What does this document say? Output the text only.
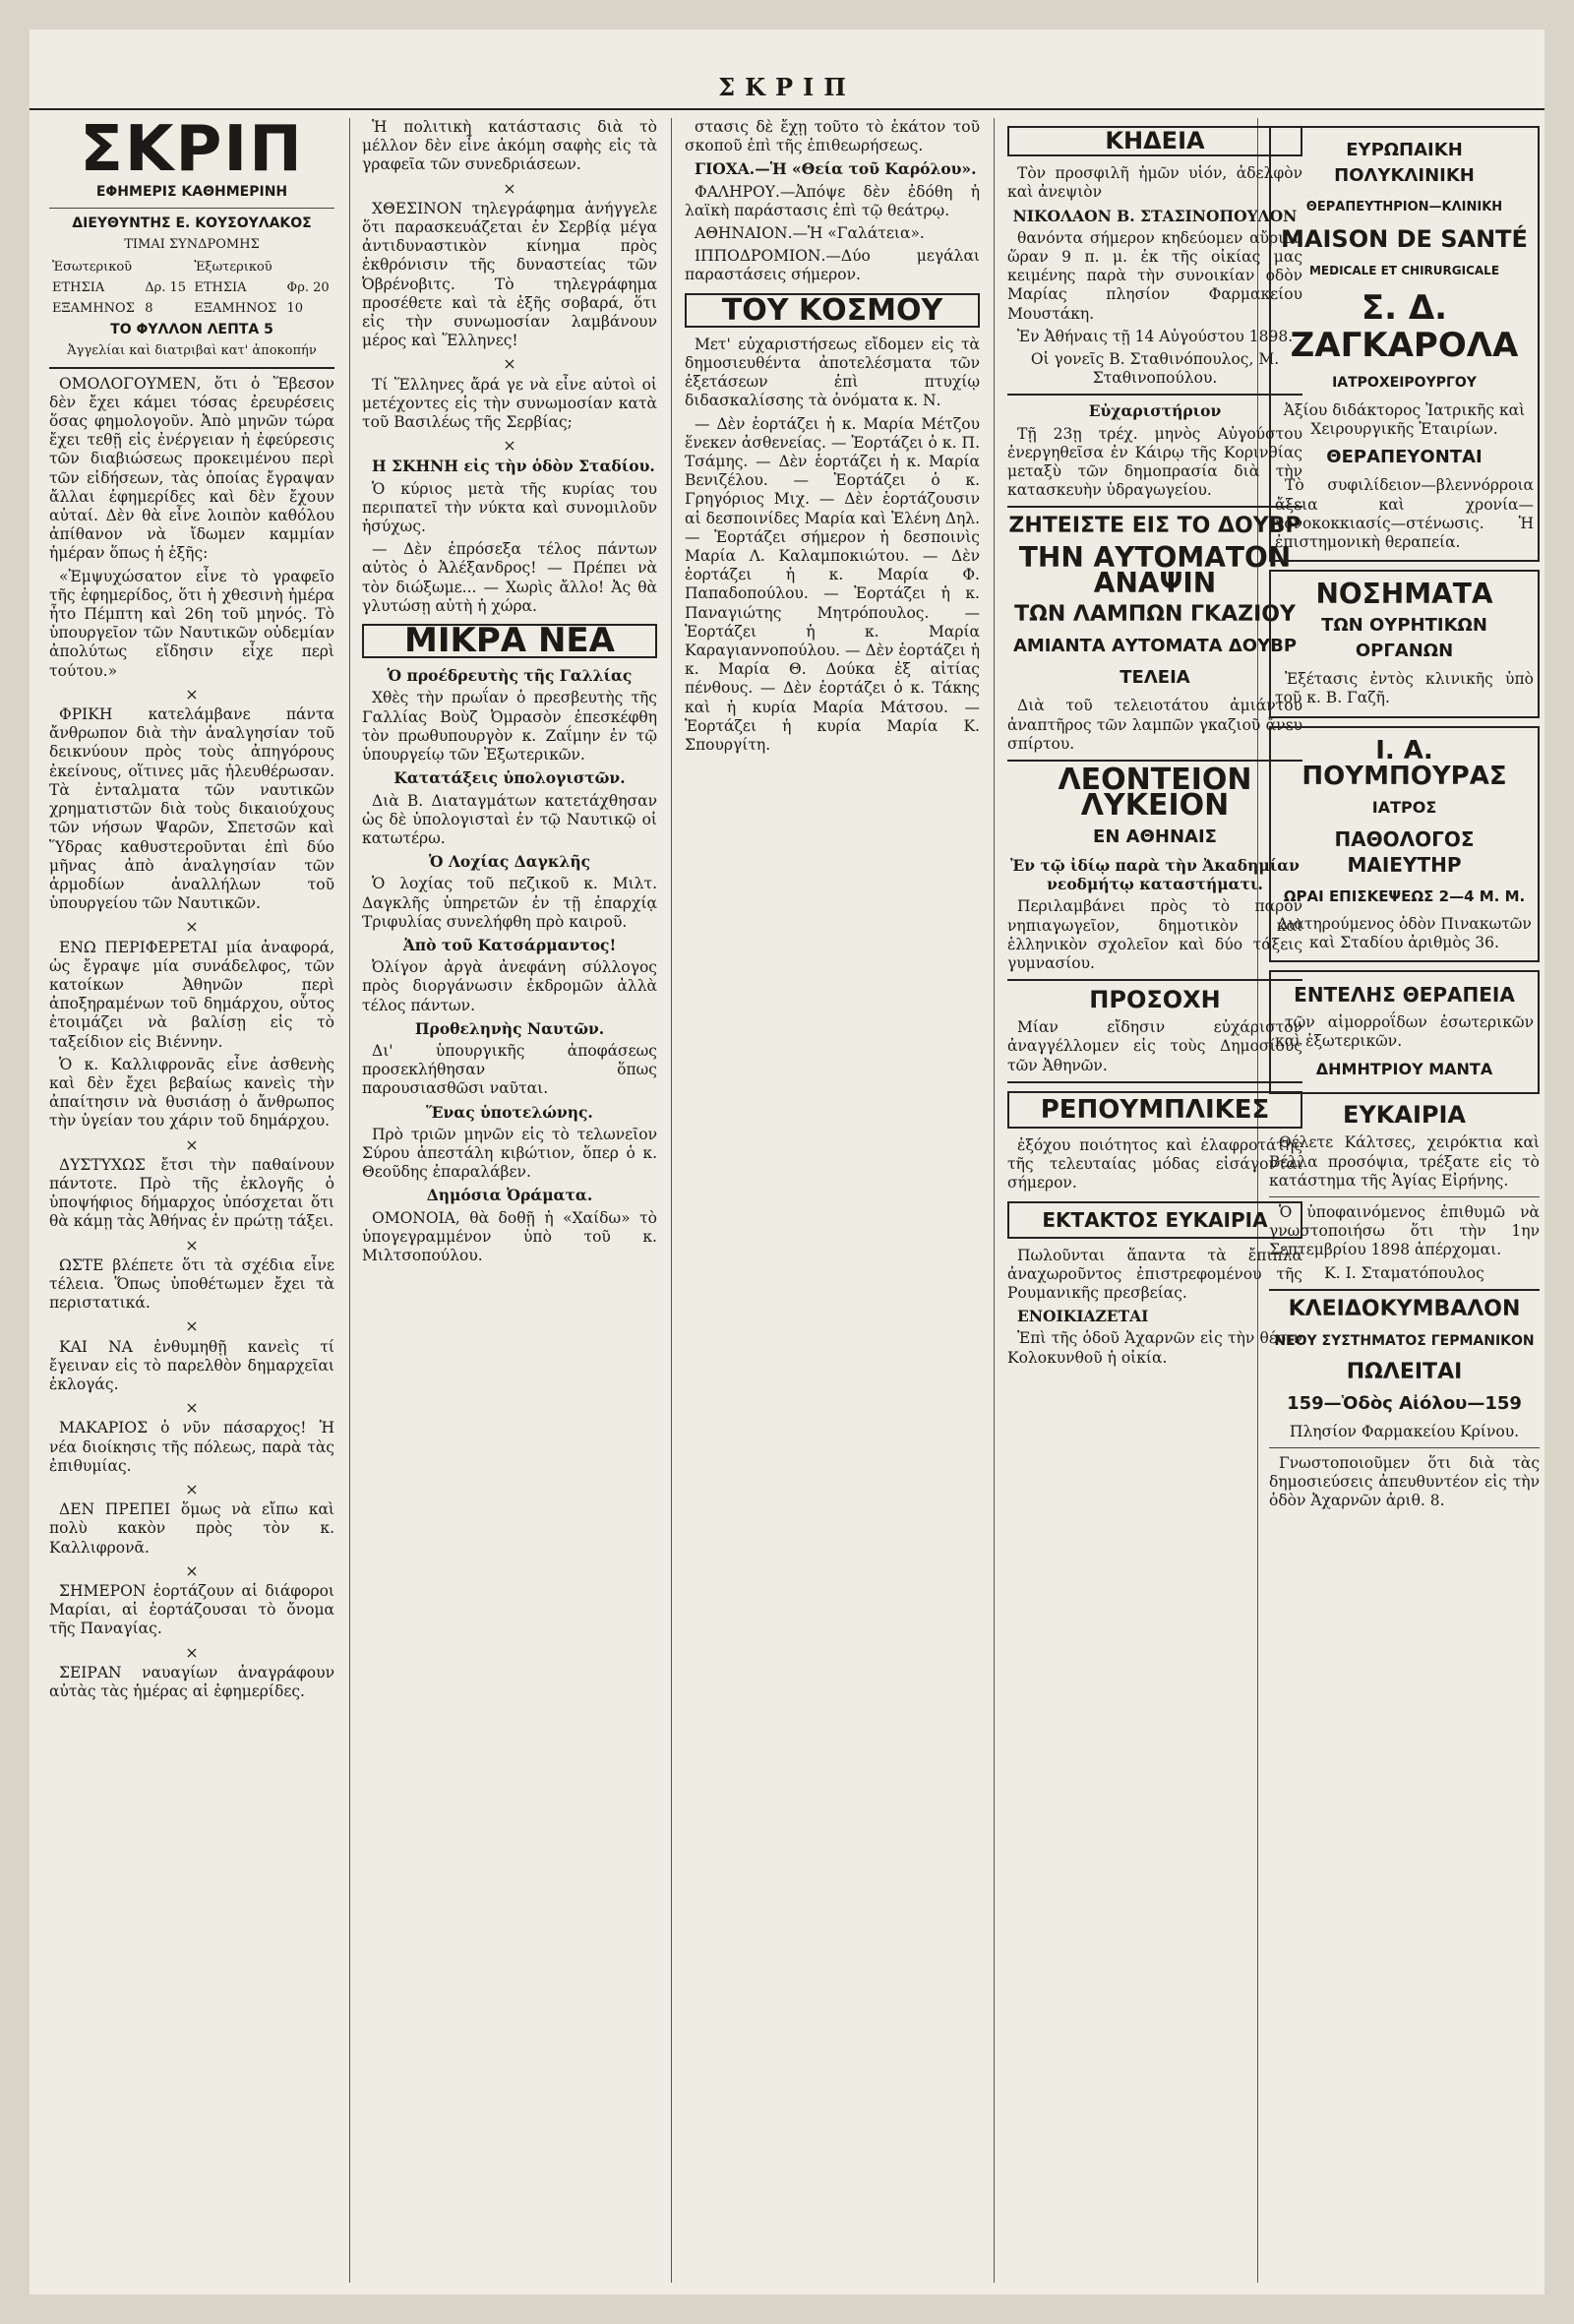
ΣΚΡΙΠ
ΣΚΡΙΠ
ΕΦΗΜΕΡΙΣ ΚΑΘΗΜΕΡΙΝΗ
ΔΙΕΥΘΥΝΤΗΣ Ε. ΚΟΥΣΟΥΛΑΚΟΣ
ΤΙΜΑΙ ΣΥΝΔΡΟΜΗΣ
Ἐσωτερικοῦ		Ἐξωτερικοῦ	
ΕΤΗΣΙΑ	Δρ. 15	ΕΤΗΣΙΑ	Φρ. 20
ΕΞΑΜΗΝΟΣ	8	ΕΞΑΜΗΝΟΣ	10
ΤΟ ΦΥΛΛΟΝ ΛΕΠΤΑ 5
Ἀγγελίαι καὶ διατριβαὶ κατ' ἀποκοπήν

ΟΜΟΛΟΓΟΥΜΕΝ, ὅτι ὁ Ἕβεσον δὲν ἔχει κάμει τόσας ἐρευρέσεις ὅσας φημολογοῦν. Ἀπὸ μηνῶν τώρα ἔχει τεθῇ εἰς ἐνέργειαν ἡ ἐφεύρεσις τῶν διαβιώσεως προκειμένου περὶ τῶν εἰδήσεων, τὰς ὁποίας ἔγραψαν ἄλλαι ἐφημερίδες καὶ δὲν ἔχουν αὐταί. Δὲν θὰ εἶνε λοιπὸν καθόλου ἀπίθανον νὰ ἴδωμεν καμμίαν ἡμέραν ὅπως ἡ ἑξῆς:

«Ἐμψυχώσατον εἶνε τὸ γραφεῖο τῆς ἐφημερίδος, ὅτι ἡ χθεσινὴ ἡμέρα ἦτο Πέμπτη καὶ 26η τοῦ μηνός. Τὸ ὑπουργεῖον τῶν Ναυτικῶν οὐδεμίαν ἀπολύτως εἴδησιν εἶχε περὶ τούτου.»

×

ΦΡΙΚΗ κατελάμβανε πάντα ἄνθρωπον διὰ τὴν ἀναλγησίαν τοῦ δεικνύουν πρὸς τοὺς ἀπηγόρους ἐκείνους, οἵτινες μᾶς ἠλευθέρωσαν. Τὰ ἐνταλματα τῶν ναυτικῶν χρηματιστῶν διὰ τοὺς δικαιούχους τῶν νήσων Ψαρῶν, Σπετσῶν καὶ Ὕδρας καθυστεροῦνται ἐπὶ δύο μῆνας ἀπὸ ἀναλγησίαν τῶν ἀρμοδίων ἀναλλήλων τοῦ ὑπουργείου τῶν Ναυτικῶν.

×

ΕΝΩ ΠΕΡΙΦΕΡΕΤΑΙ μία ἀναφορά, ὡς ἔγραψε μία συνάδελφος, τῶν κατοίκων Ἀθηνῶν περὶ ἀποξηραμένων τοῦ δημάρχου, οὗτος ἑτοιμάζει νὰ βαλίσῃ εἰς τὸ ταξείδιον εἰς Βιέννην.

Ὁ κ. Καλλιφρονᾶς εἶνε ἀσθενὴς καὶ δὲν ἔχει βεβαίως κανεὶς τὴν ἀπαίτησιν νὰ θυσιάσῃ ὁ ἄνθρωπος τὴν ὑγείαν του χάριν τοῦ δημάρχου.

×

ΔΥΣΤΥΧΩΣ ἔτσι τὴν παθαίνουν πάντοτε. Πρὸ τῆς ἐκλογῆς ὁ ὑποψήφιος δήμαρχος ὑπόσχεται ὅτι θὰ κάμῃ τὰς Ἀθήνας ἐν πρώτῃ τάξει.

×

ΩΣΤΕ βλέπετε ὅτι τὰ σχέδια εἶνε τέλεια. Ὅπως ὑποθέτωμεν ἔχει τὰ περιστατικά.

×

ΚΑΙ ΝΑ ἐνθυμηθῇ κανεὶς τί ἔγειναν εἰς τὸ παρελθὸν δημαρχεῖαι ἐκλογάς.

×

ΜΑΚΑΡΙΟΣ ὁ νῦν πάσαρχος! Ἡ νέα διοίκησις τῆς πόλεως, παρὰ τὰς ἐπιθυμίας.

×

ΔΕΝ ΠΡΕΠΕΙ ὅμως νὰ εἴπω καὶ πολὺ κακὸν πρὸς τὸν κ. Καλλιφρονᾶ.

×

ΣΗΜΕΡΟΝ ἑορτάζουν αἱ διάφοροι Μαρίαι, αἱ ἑορτάζουσαι τὸ ὄνομα τῆς Παναγίας.

×

ΣΕΙΡΑΝ ναυαγίων ἀναγράφουν αὐτὰς τὰς ἡμέρας αἱ ἐφημερίδες.

Ἡ πολιτικὴ κατάστασις διὰ τὸ μέλλον δὲν εἶνε ἀκόμη σαφὴς εἰς τὰ γραφεῖα τῶν συνεδριάσεων.

×

ΧΘΕΣΙΝΟΝ τηλεγράφημα ἀνήγγελε ὅτι παρασκευάζεται ἐν Σερβίᾳ μέγα ἀντιδυναστικὸν κίνημα πρὸς ἐκθρόνισιν τῆς δυναστείας τῶν Ὀβρένοβιτς. Τὸ τηλεγράφημα προσέθετε καὶ τὰ ἑξῆς σοβαρά, ὅτι εἰς τὴν συνωμοσίαν λαμβάνουν μέρος καὶ Ἕλληνες!

×

Τί Ἕλληνες ἄρά γε νὰ εἶνε αὐτοὶ οἱ μετέχοντες εἰς τὴν συνωμοσίαν κατὰ τοῦ Βασιλέως τῆς Σερβίας;

×

Η ΣΚΗΝΗ εἰς τὴν ὁδὸν Σταδίου.

Ὁ κύριος μετὰ τῆς κυρίας του περιπατεῖ τὴν νύκτα καὶ συνομιλοῦν ἡσύχως.

— Δὲν ἐπρόσεξα τέλος πάντων αὐτὸς ὁ Ἀλέξανδρος! — Πρέπει νὰ τὸν διώξωμε... — Χωρὶς ἄλλο! Ἀς θὰ γλυτώσῃ αὐτὴ ἡ χώρα.

ΜΙΚΡΑ ΝΕΑ

Ὁ προέδρευτὴς τῆς Γαλλίας

Χθὲς τὴν πρωΐαν ὁ πρεσβευτὴς τῆς Γαλλίας Βοὺζ Ὀμρασὸν ἐπεσκέφθη τὸν πρωθυπουργὸν κ. Ζαΐμην ἐν τῷ ὑπουργείῳ τῶν Ἐξωτερικῶν.

Κατατάξεις ὑπολογιστῶν.

Διὰ Β. Διαταγμάτων κατετάχθησαν ὡς δὲ ὑπολογισταὶ ἐν τῷ Ναυτικῷ οἱ κατωτέρω.

Ὁ Λοχίας Δαγκλῆς

Ὁ λοχίας τοῦ πεζικοῦ κ. Μιλτ. Δαγκλῆς ὑπηρετῶν ἐν τῇ ἐπαρχίᾳ Τριφυλίας συνελήφθη πρὸ καιροῦ.

Ἀπὸ τοῦ Κατσάρμαντος!

Ὀλίγον ἀργὰ ἀνεφάνη σύλλογος πρὸς διοργάνωσιν ἐκδρομῶν ἀλλὰ τέλος πάντων.

Προθεληνὴς Ναυτῶν.

Δι' ὑπουργικῆς ἀποφάσεως προσεκλήθησαν ὅπως παρουσιασθῶσι ναῦται.

Ἕνας ὑποτελώνης.

Πρὸ τριῶν μηνῶν εἰς τὸ τελωνεῖον Σύρου ἀπεστάλη κιβώτιον, ὅπερ ὁ κ. Θεοῦδης ἐπαραλάβεν.

Δημόσια Ὀράματα.

ΟΜΟΝΟΙΑ, θὰ δοθῇ ἡ «Χαίδω» τὸ ὑπογεγραμμένον ὑπὸ τοῦ κ. Μιλτσοπούλου.

στασις δὲ ἔχῃ τοῦτο τὸ ἑκάτον τοῦ σκοποῦ ἐπὶ τῆς ἐπιθεωρήσεως.

ΓΙΟΧΑ.—Ἡ «Θεία τοῦ Καρόλου».

ΦΑΛΗΡΟΥ.—Ἀπόψε δὲν ἐδόθη ἡ λαϊκὴ παράστασις ἐπὶ τῷ θεάτρῳ.

ΑΘΗΝΑΙΟΝ.—Ἡ «Γαλάτεια».

ΙΠΠΟΔΡΟΜΙΟΝ.—Δύο μεγάλαι παραστάσεις σήμερον.

ΤΟΥ ΚΟΣΜΟΥ

Μετ' εὐχαριστήσεως εἴδομεν εἰς τὰ δημοσιευθέντα ἀποτελέσματα τῶν ἐξετάσεων ἐπὶ πτυχίῳ διδασκαλίσσης τὰ ὀνόματα κ. Ν.

— Δὲν ἑορτάζει ἡ κ. Μαρία Μέτζου ἕνεκεν ἀσθενείας. — Ἑορτάζει ὁ κ. Π. Τσάμης. — Δὲν ἑορτάζει ἡ κ. Μαρία Βενιζέλου. — Ἑορτάζει ὁ κ. Γρηγόριος Μιχ. — Δὲν ἑορτάζουσιν αἱ δεσποινίδες Μαρία καὶ Ἑλένη Δηλ. — Ἑορτάζει σήμερον ἡ δεσποινὶς Μαρία Λ. Καλαμποκιώτου. — Δὲν ἑορτάζει ἡ κ. Μαρία Φ. Παπαδοπούλου. — Ἑορτάζει ἡ κ. Παναγιώτης Μητρόπουλος. — Ἑορτάζει ἡ κ. Μαρία Καραγιαννοπούλου. — Δὲν ἑορτάζει ἡ κ. Μαρία Θ. Δούκα ἐξ αἰτίας πένθους. — Δὲν ἑορτάζει ὁ κ. Τάκης καὶ ἡ κυρία Μαρία Μάτσου. — Ἑορτάζει ἡ κυρία Μαρία Κ. Σπουργίτη.

ΚΗΔΕΙΑ

Τὸν προσφιλῆ ἡμῶν υἱόν, ἀδελφὸν καὶ ἀνεψιὸν

ΝΙΚΟΛΑΟΝ Β. ΣΤΑΣΙΝΟΠΟΥΛΟΝ

θανόντα σήμερον κηδεύομεν αὔριον ὥραν 9 π. μ. ἐκ τῆς οἰκίας μας κειμένης παρὰ τὴν συνοικίαν ὁδὸν Μαρίας πλησίον Φαρμακείου Μουστάκη.

Ἐν Ἀθήναις τῇ 14 Αὐγούστου 1898.

Οἱ γονεῖς Β. Σταθινόπουλος, Μ. Σταθινοπούλου.

Εὐχαριστήριον

Τῇ 23ῃ τρέχ. μηνὸς Αὐγούστου ἐνεργηθεῖσα ἐν Κάιρῳ τῆς Κορινθίας μεταξὺ τῶν δημοπρασία διὰ τὴν κατασκευὴν ὑδραγωγείου.

ΖΗΤΕΙΣΤΕ ΕΙΣ ΤΟ ΔΟΥΒΡ
ΤΗΝ ΑΥΤΟΜΑΤΟΝ ΑΝΑΨΙΝ
ΤΩΝ ΛΑΜΠΩΝ ΓΚΑΖΙΟΥ
ΑΜΙΑΝΤΑ ΑΥΤΟΜΑΤΑ ΔΟΥΒΡ
ΤΕΛΕΙΑ

Διὰ τοῦ τελειοτάτου ἀμιάντου ἀναπτῆρος τῶν λαμπῶν γκαζιοῦ ἄνευ σπίρτου.

ΛΕΟΝΤΕΙΟΝ ΛΥΚΕΙΟΝ
ΕΝ ΑΘΗΝΑΙΣ

Ἐν τῷ ἰδίῳ παρὰ τὴν Ἀκαδημίαν νεοδμήτῳ καταστήματι.

Περιλαμβάνει πρὸς τὸ παρὸν νηπιαγωγεῖον, δημοτικὸν καὶ ἑλληνικὸν σχολεῖον καὶ δύο τάξεις γυμνασίου.

ΠΡΟΣΟΧΗ

Μίαν εἴδησιν εὐχάριστον ἀναγγέλλομεν εἰς τοὺς Δημοσίους τῶν Ἀθηνῶν.

ΡΕΠΟΥΜΠΛΙΚΕΣ

ἐξόχου ποιότητος καὶ ἐλαφροτάτης τῆς τελευταίας μόδας εἰσάγονται σήμερον.

ΕΚΤΑΚΤΟΣ ΕΥΚΑΙΡΙΑ

Πωλοῦνται ἅπαντα τὰ ἔπιπλα ἀναχωροῦντος ἐπιστρεφομένου τῆς Ρουμανικῆς πρεσβείας.

ΕΝΟΙΚΙΑΖΕΤΑΙ

Ἐπὶ τῆς ὁδοῦ Ἀχαρνῶν εἰς τὴν θέσιν Κολοκυνθοῦ ἡ οἰκία.

ΕΥΡΩΠΑΙΚΗ ΠΟΛΥΚΛΙΝΙΚΗ
ΘΕΡΑΠΕΥΤΗΡΙΟΝ—ΚΛΙΝΙΚΗ
MAISON DE SANTÉ
MEDICALE ET CHIRURGICALE
Σ. Δ. ΖΑΓΚΑΡΟΛΑ
ΙΑΤΡΟΧΕΙΡΟΥΡΓΟΥ

Ἀξίου διδάκτορος Ἰατρικῆς καὶ Χειρουργικῆς Ἑταιρίων.

ΘΕΡΑΠΕΥΟΝΤΑΙ

Τὸ συφιλίδειον—βλεννόρροια ἄξεια καὶ χρονία—γονοκοκκιασίς—στένωσις. Ἡ ἐπιστημονικὴ θεραπεία.

ΝΟΣΗΜΑΤΑ
ΤΩΝ ΟΥΡΗΤΙΚΩΝ ΟΡΓΑΝΩΝ

Ἐξέτασις ἐντὸς κλινικῆς ὑπὸ τοῦ κ. Β. Γαζῆ.

Ι. Α. ΠΟΥΜΠΟΥΡΑΣ
ΙΑΤΡΟΣ
ΠΑΘΟΛΟΓΟΣ ΜΑΙΕΥΤΗΡ
ΩΡΑΙ ΕΠΙΣΚΕΨΕΩΣ 2—4 Μ. Μ.

Διατηρούμενος ὁδὸν Πινακωτῶν καὶ Σταδίου ἀριθμὸς 36.

ΕΝΤΕΛΗΣ ΘΕΡΑΠΕΙΑ

τῶν αἱμορροΐδων ἐσωτερικῶν καὶ ἐξωτερικῶν.

ΔΗΜΗΤΡΙΟΥ ΜΑΝΤΑ
ΕΥΚΑΙΡΙΑ

Θέλετε Κάλτσες, χειρόκτια καὶ Βέλλα προσόψια, τρέξατε εἰς τὸ κατάστημα τῆς Ἁγίας Εἰρήνης.

Ὁ ὑποφαινόμενος ἐπιθυμῶ νὰ γνωστοποιήσω ὅτι τὴν 1ην Σεπτεμβρίου 1898 ἀπέρχομαι.

Κ. Ι. Σταματόπουλος

ΚΛΕΙΔΟΚΥΜΒΑΛΟΝ
ΝΕΟΥ ΣΥΣΤΗΜΑΤΟΣ ΓΕΡΜΑΝΙΚΟΝ
ΠΩΛΕΙΤΑΙ
159—Ὁδὸς Αἰόλου—159

Πλησίον Φαρμακείου Κρίνου.

Γνωστοποιοῦμεν ὅτι διὰ τὰς δημοσιεύσεις ἀπευθυντέον εἰς τὴν ὁδὸν Ἀχαρνῶν ἀριθ. 8.
